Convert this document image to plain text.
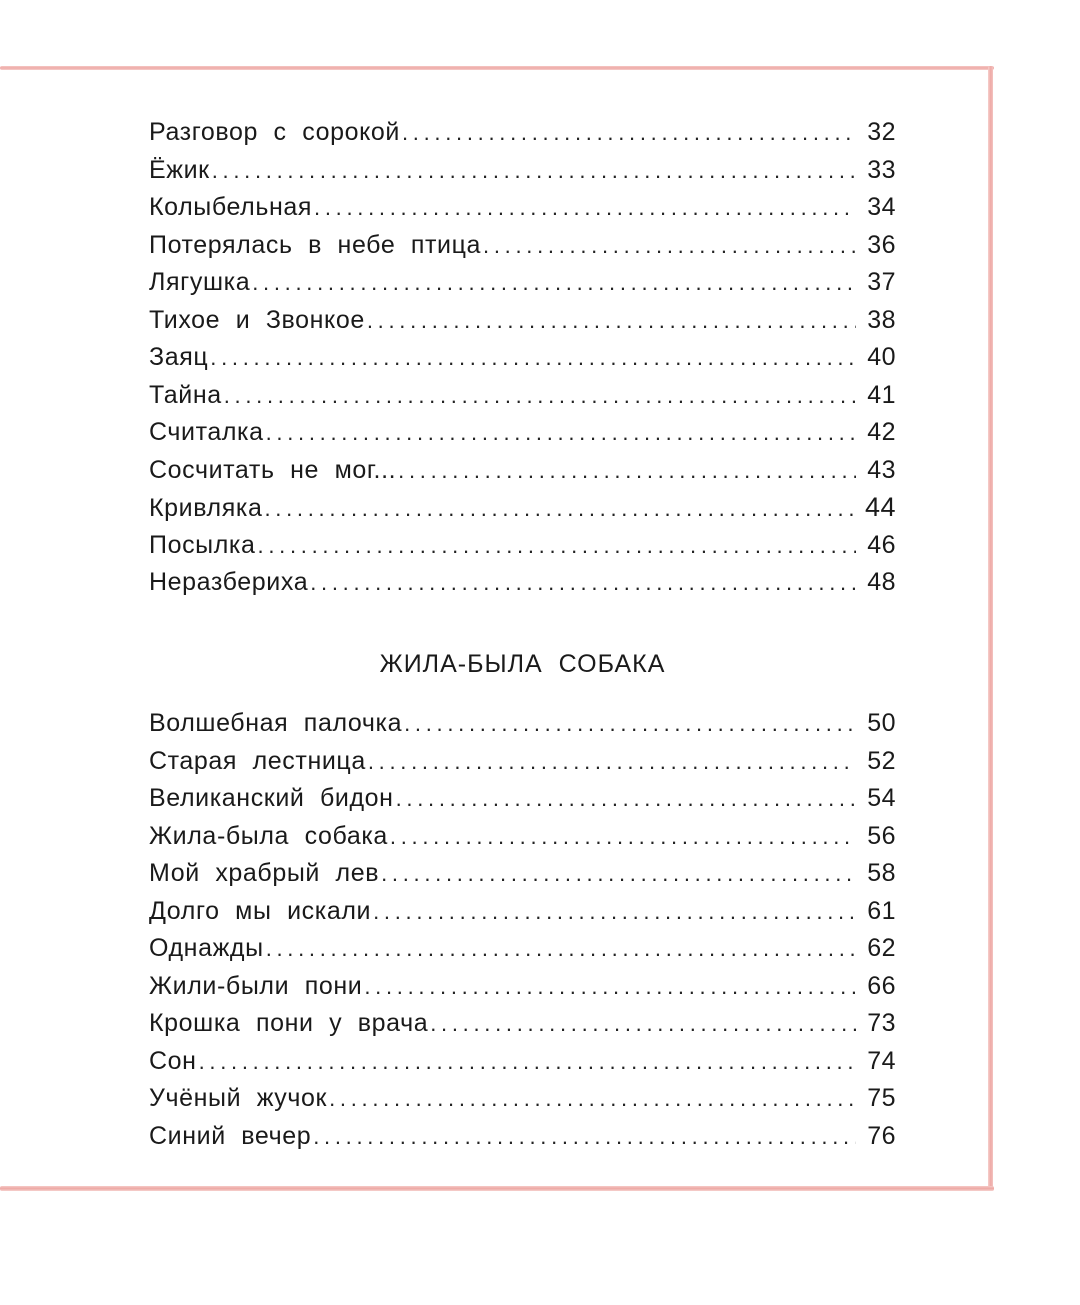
Разговор с сорокой .....	32
Ёжик .....	33
Колыбельная .....	34
Потерялась в небе птица .....	36
Лягушка .....	37
Тихое и Звонкое .....	38
Заяц .....	40
Тайна .....	41
Считалка .....	42
Сосчитать не мог... .....	43
Кривляка .....	44
Посылка .....	46
Неразбериха .....	48
ЖИЛА-БЫЛА СОБАКА
Волшебная палочка .....	50
Старая лестница .....	52
Великанский бидон .....	54
Жила-была собака .....	56
Мой храбрый лев .....	58
Долго мы искали .....	61
Однажды .....	62
Жили-были пони .....	66
Крошка пони у врача .....	73
Сон .....	74
Учёный жучок .....	75
Синий вечер .....	76
